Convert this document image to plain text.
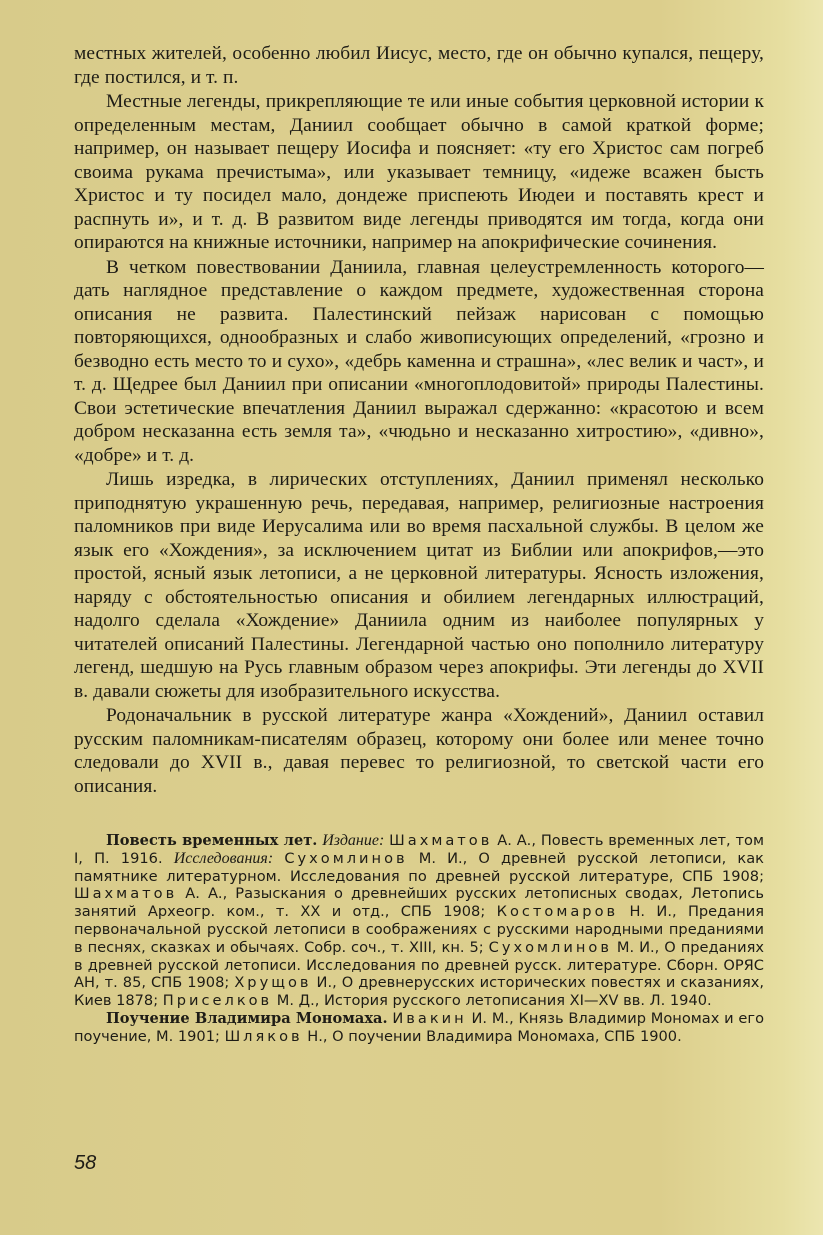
местных жителей, особенно любил Иисус, место, где он обычно купался, пещеру, где постился, и т. п.

Местные легенды, прикрепляющие те или иные события церковной истории к определенным местам, Даниил сообщает обычно в самой краткой форме; например, он называет пещеру Иосифа и поясняет: «ту его Христос сам погреб своима рукама пречистыма», или указывает темницу, «идеже всажен бысть Христос и ту посидел мало, дондеже приспеють Июдеи и поставять крест и распнуть и», и т. д. В развитом виде легенды приводятся им тогда, когда они опираются на книжные источники, например на апокрифические сочинения.

В четком повествовании Даниила, главная целеустремленность которого—дать наглядное представление о каждом предмете, художественная сторона описания не развита. Палестинский пейзаж нарисован с помощью повторяющихся, однообразных и слабо живописующих определений, «грозно и безводно есть место то и сухо», «дебрь каменна и страшна», «лес велик и част», и т. д. Щедрее был Даниил при описании «многоплодовитой» природы Палестины. Свои эстетические впечатления Даниил выражал сдержанно: «красотою и всем добром несказанна есть земля та», «чюдьно и несказанно хитростию», «дивно», «добре» и т. д.

Лишь изредка, в лирических отступлениях, Даниил применял несколько приподнятую украшенную речь, передавая, например, религиозные настроения паломников при виде Иерусалима или во время пасхальной службы. В целом же язык его «Хождения», за исключением цитат из Библии или апокрифов,—это простой, ясный язык летописи, а не церковной литературы. Ясность изложения, наряду с обстоятельностью описания и обилием легендарных иллюстраций, надолго сделала «Хождение» Даниила одним из наиболее популярных у читателей описаний Палестины. Легендарной частью оно пополнило литературу легенд, шедшую на Русь главным образом через апокрифы. Эти легенды до XVII в. давали сюжеты для изобразительного искусства.

Родоначальник в русской литературе жанра «Хождений», Даниил оставил русским паломникам-писателям образец, которому они более или менее точно следовали до XVII в., давая перевес то религиозной, то светской части его описания.

Повесть временных лет. Издание: Шахматов А. А., Повесть временных лет, том I, П. 1916. Исследования: Сухомлинов М. И., О древней русской летописи, как памятнике литературном. Исследования по древней русской литературе, СПБ 1908; Шахматов А. А., Разыскания о древнейших русских летописных сводах, Летопись занятий Археогр. ком., т. XX и отд., СПБ 1908; Костомаров Н. И., Предания первоначальной русской летописи в соображениях с русскими народными преданиями в песнях, сказках и обычаях. Собр. соч., т. XIII, кн. 5; Сухомлинов М. И., О преданиях в древней русской летописи. Исследования по древней русск. литературе. Сборн. ОРЯС АН, т. 85, СПБ 1908; Хрущов И., О древнерусских исторических повестях и сказаниях, Киев 1878; Приселков М. Д., История русского летописания XI—XV вв. Л. 1940.

Поучение Владимира Мономаха. Ивакин И. М., Князь Владимир Мономах и его поучение, М. 1901; Шляков Н., О поучении Владимира Мономаха, СПБ 1900.

58
